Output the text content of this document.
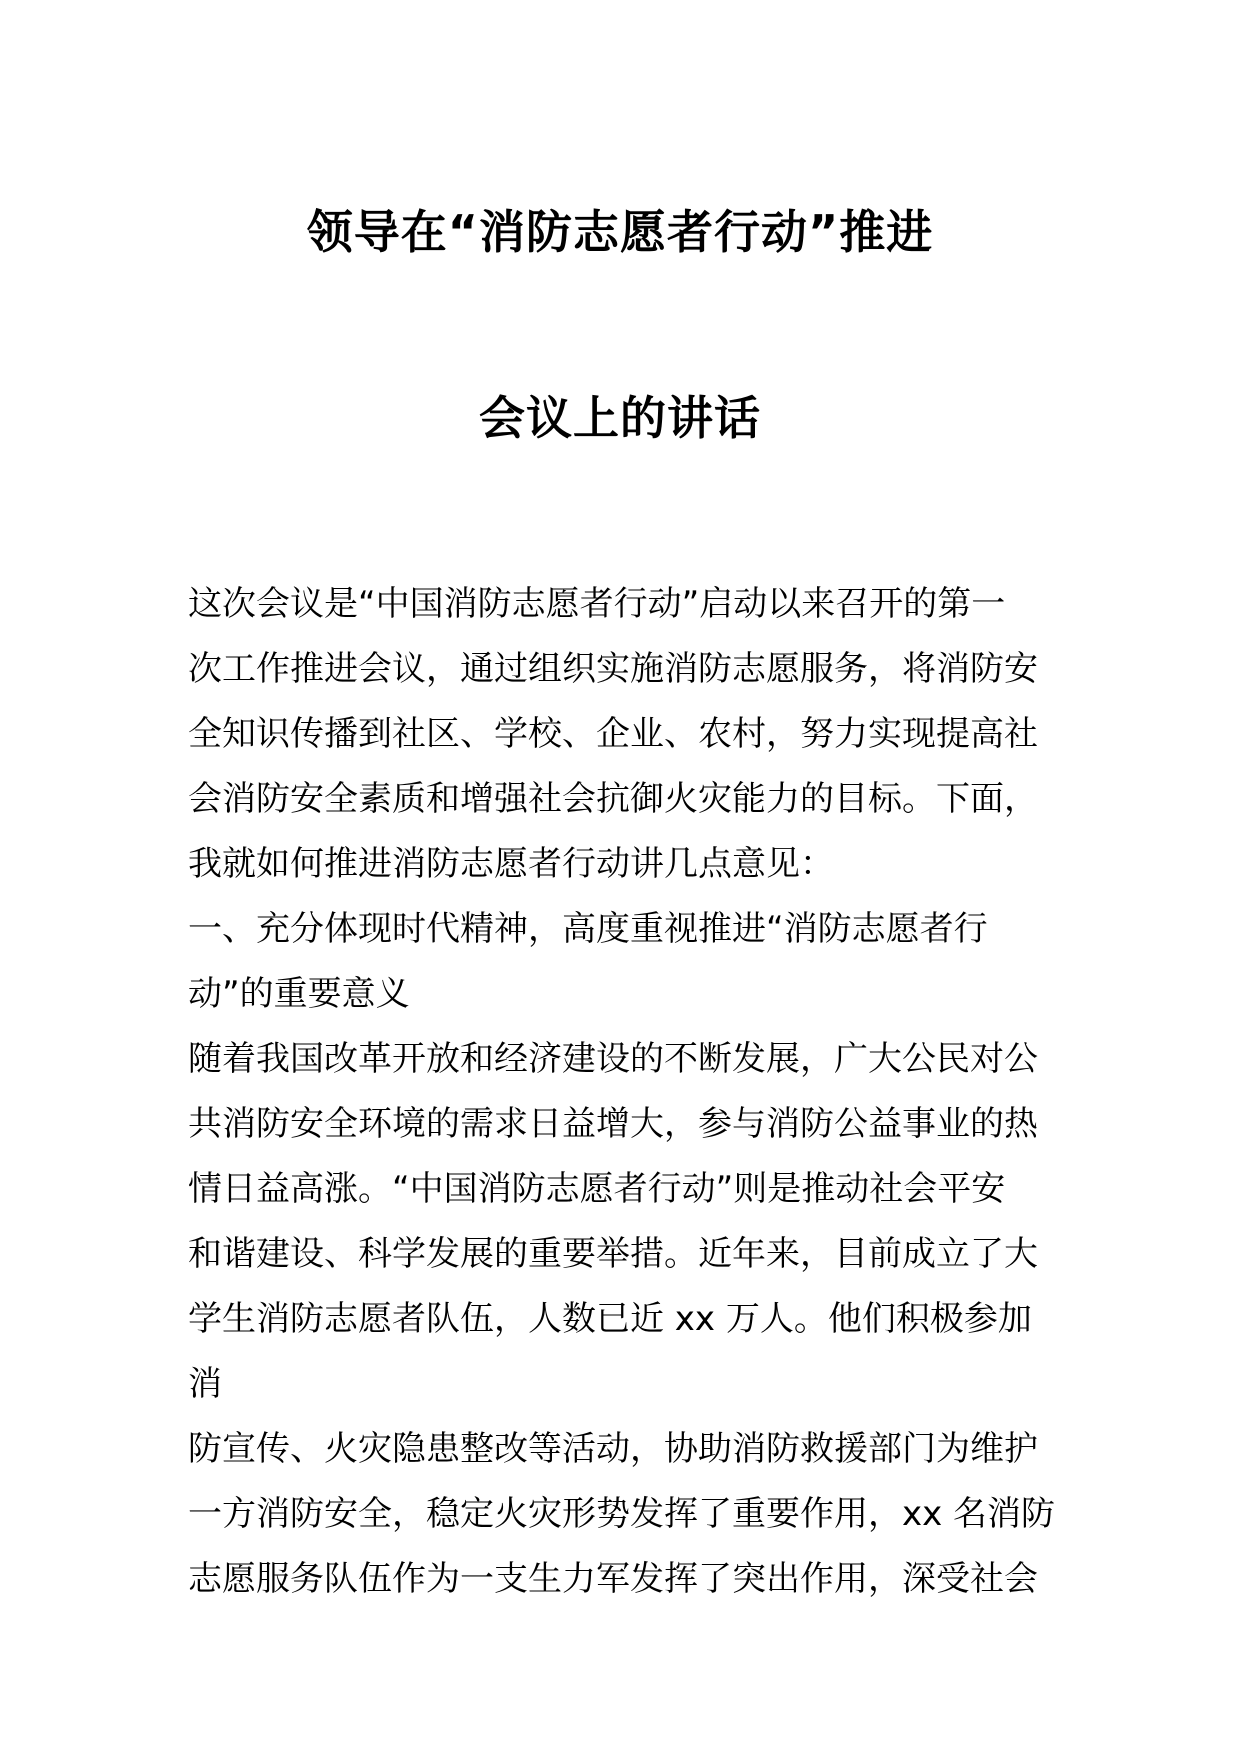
领导在“消防志愿者行动”推进
会议上的讲话

这次会议是“中国消防志愿者行动”启动以来召开的第一
次工作推进会议，通过组织实施消防志愿服务，将消防安
全知识传播到社区、学校、企业、农村，努力实现提高社
会消防安全素质和增强社会抗御火灾能力的目标。下面，
我就如何推进消防志愿者行动讲几点意见：

一、充分体现时代精神，高度重视推进“消防志愿者行
动”的重要意义

随着我国改革开放和经济建设的不断发展，广大公民对公
共消防安全环境的需求日益增大，参与消防公益事业的热
情日益高涨。“中国消防志愿者行动”则是推动社会平安
和谐建设、科学发展的重要举措。近年来，目前成立了大
学生消防志愿者队伍，人数已近 xx 万人。他们积极参加消
防宣传、火灾隐患整改等活动，协助消防救援部门为维护
一方消防安全，稳定火灾形势发挥了重要作用，xx 名消防
志愿服务队伍作为一支生力军发挥了突出作用，深受社会
